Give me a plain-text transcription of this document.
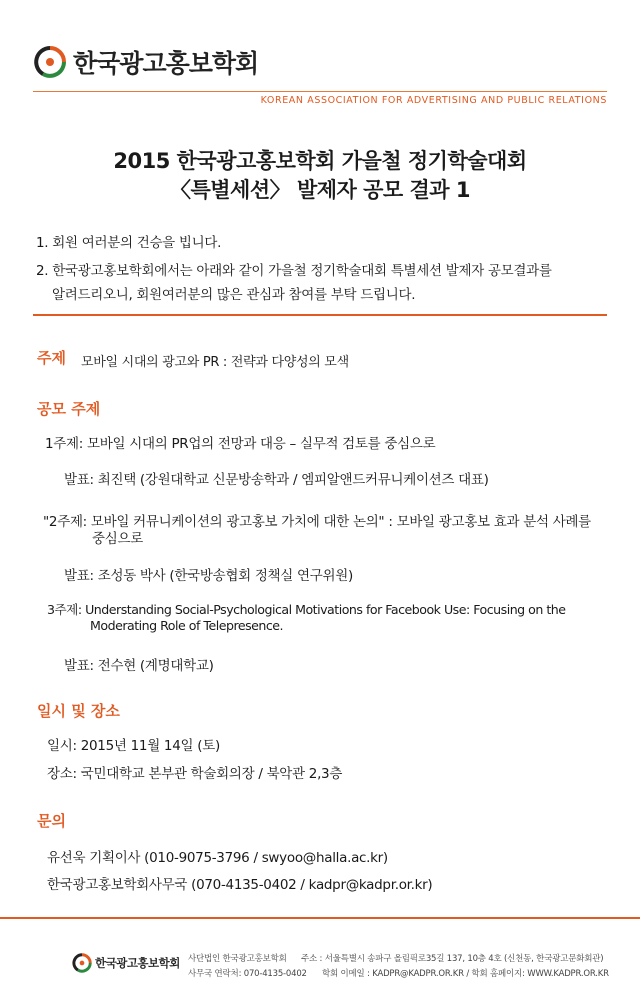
한국광고홍보학회
KOREAN ASSOCIATION FOR ADVERTISING AND PUBLIC RELATIONS
2015 한국광고홍보학회 가을철 정기학술대회
〈특별세션〉 발제자 공모 결과 1
1. 회원 여러분의 건승을 빕니다.
2. 한국광고홍보학회에서는 아래와 같이 가을철 정기학술대회 특별세션 발제자 공모결과를
알려드리오니, 회원여러분의 많은 관심과 참여를 부탁 드립니다.
주제 모바일 시대의 광고와 PR : 전략과 다양성의 모색
공모 주제
1주제: 모바일 시대의 PR업의 전망과 대응 – 실무적 검토를 중심으로
발표: 최진택 (강원대학교 신문방송학과 / 엠피알앤드커뮤니케이션즈 대표)
"2주제: 모바일 커뮤니케이션의 광고홍보 가치에 대한 논의" : 모바일 광고홍보 효과 분석 사례를
중심으로
발표: 조성동 박사 (한국방송협회 정책실 연구위원)
3주제: Understanding Social-Psychological Motivations for Facebook Use: Focusing on the
Moderating Role of Telepresence.
발표: 전수현 (계명대학교)
일시 및 장소
일시: 2015년 11월 14일 (토)
장소: 국민대학교 본부관 학술회의장 / 북악관 2,3층
문의
유선욱 기획이사 (010-9075-3796 / swyoo@halla.ac.kr)
한국광고홍보학회사무국 (070-4135-0402 / kadpr@kadpr.or.kr)
한국광고홍보학회 사단법인 한국광고홍보학회 주소 : 서울특별시 송파구 올림픽로35길 137, 10층 4호 (신천동, 한국광고문화회관)
사무국 연락처: 070-4135-0402 학회 이메일 : KADPR@KADPR.OR.KR / 학회 홈페이지: WWW.KADPR.OR.KR
